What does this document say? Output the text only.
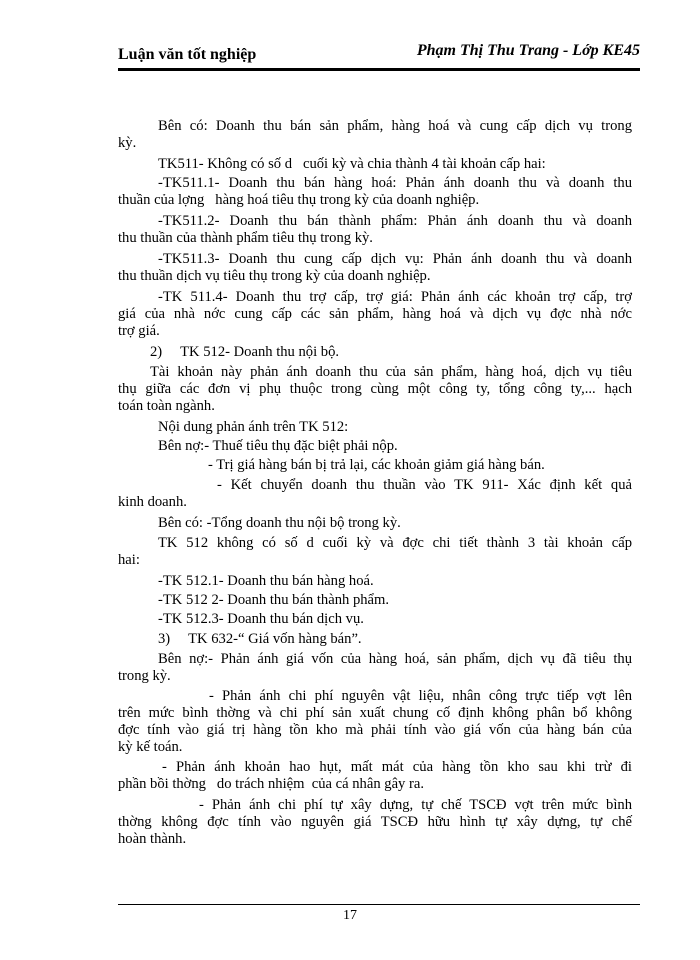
Luận văn tốt nghiệp	Phạm Thị Thu Trang - Lớp KE45
Bên có: Doanh thu bán sản phẩm, hàng hoá và cung cấp dịch vụ trong
kỳ.
TK511- Không có số d   cuối kỳ và chia thành 4 tài khoản cấp hai:
-TK511.1- Doanh thu bán hàng hoá: Phản ánh doanh thu và doanh thu
thuần của lợng   hàng hoá tiêu thụ trong kỳ của doanh nghiệp.
-TK511.2- Doanh thu bán thành phẩm: Phản ánh doanh thu và doanh
thu thuần của thành phẩm tiêu thụ trong kỳ.
-TK511.3- Doanh thu cung cấp dịch vụ: Phản ánh doanh thu và doanh
thu thuần dịch vụ tiêu thụ trong kỳ của doanh nghiệp.
-TK 511.4- Doanh thu trợ cấp, trợ giá: Phản ánh các khoản trợ cấp, trợ
giá của nhà nớc cung cấp các sản phẩm, hàng hoá và dịch vụ đợc nhà nớc
trợ giá.
2)     TK 512- Doanh thu nội bộ.
Tài khoản này phản ánh doanh thu của sản phẩm, hàng hoá, dịch vụ tiêu
thụ giữa các đơn vị phụ thuộc trong cùng một công ty, tổng công ty,... hạch
toán toàn ngành.
Nội dung phản ánh trên TK 512:
Bên nợ:- Thuế tiêu thụ đặc biệt phải nộp.
- Trị giá hàng bán bị trả lại, các khoản giảm giá hàng bán.
- Kết chuyển doanh thu thuần vào TK 911- Xác định kết quả
kinh doanh.
Bên có: -Tổng doanh thu nội bộ trong kỳ.
TK 512 không có số d cuối kỳ và đợc chi tiết thành 3 tài khoản cấp
hai:
-TK 512.1- Doanh thu bán hàng hoá.
-TK 512 2- Doanh thu bán thành phẩm.
-TK 512.3- Doanh thu bán dịch vụ.
3)     TK 632-“ Giá vốn hàng bán”.
Bên nợ:- Phản ánh giá vốn của hàng hoá, sản phẩm, dịch vụ đã tiêu thụ
trong kỳ.
- Phản ánh chi phí nguyên vật liệu, nhân công trực tiếp vợt lên
trên mức bình thờng và chi phí sản xuất chung cố định không phân bổ không
đợc tính vào giá trị hàng tồn kho mà phải tính vào giá vốn của hàng bán của
kỳ kế toán.
- Phản ánh khoản hao hụt, mất mát của hàng tồn kho sau khi trừ đi
phần bồi thờng   do trách nhiệm  của cá nhân gây ra.
- Phản ánh chi phí tự xây dựng, tự chế TSCĐ vợt trên mức bình
thờng không đợc tính vào nguyên giá TSCĐ hữu hình tự xây dựng, tự chế
hoàn thành.
17
